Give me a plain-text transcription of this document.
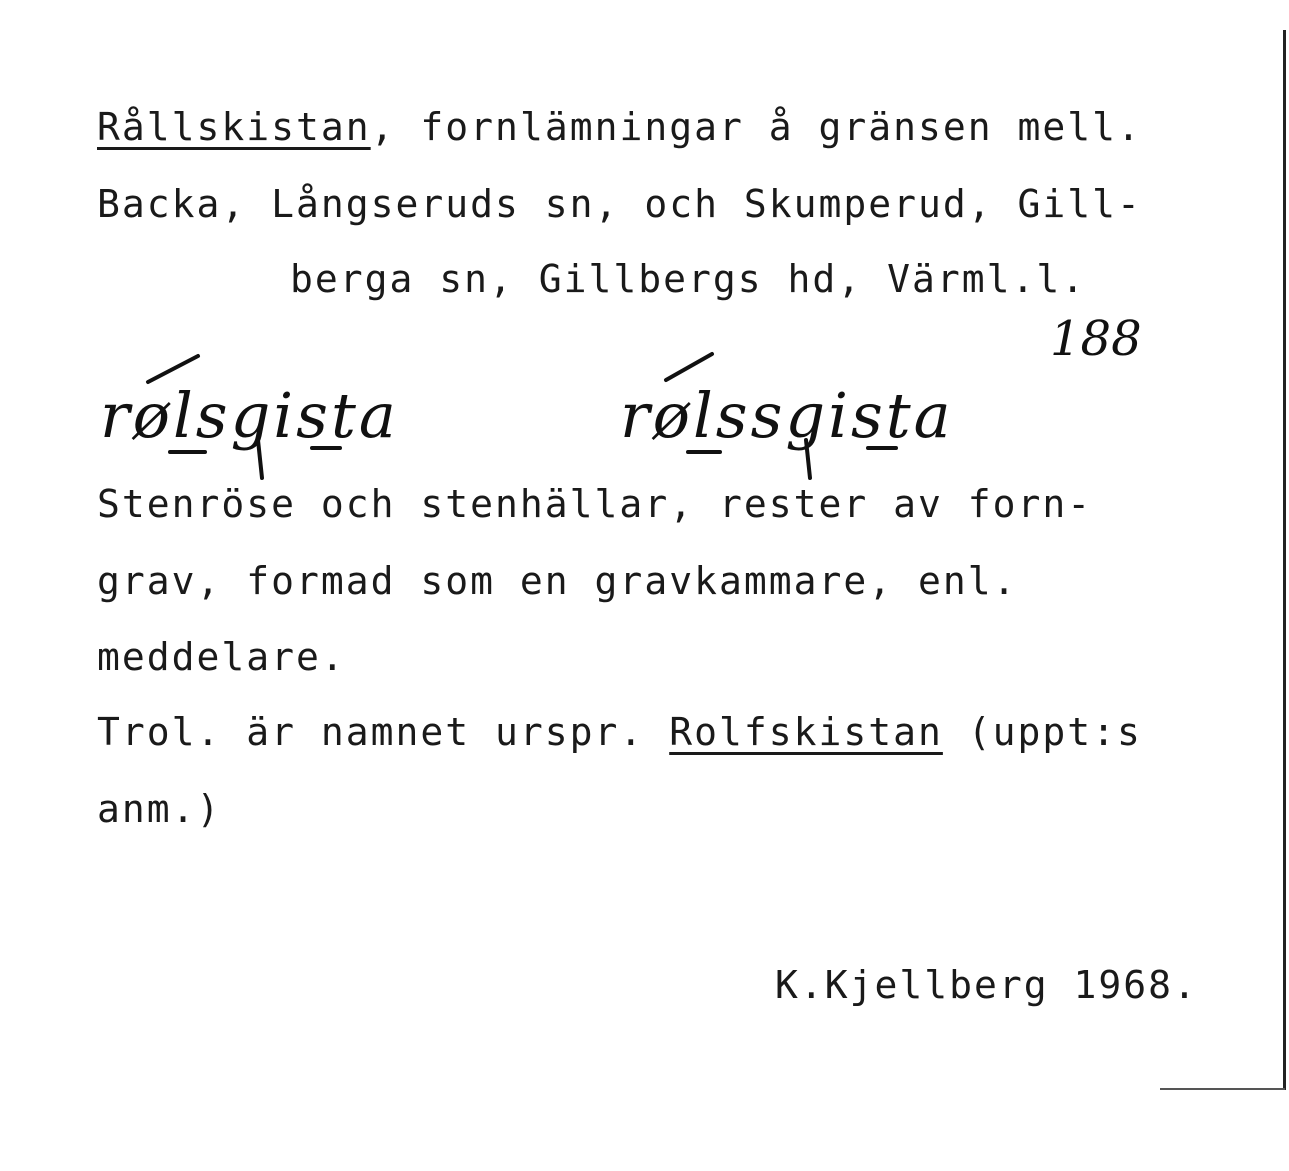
Rållskistan, fornlämningar å gränsen mell.
Backa, Långseruds sn, och Skumperud, Gill-
berga sn, Gillbergs hd, Värml.l.
188
rølsgista	rølssgista
Stenröse och stenhällar, rester av forn-
grav, formad som en gravkammare, enl.
meddelare.
Trol. är namnet urspr. Rolfskistan (uppt:s
anm.)
K.Kjellberg 1968.
